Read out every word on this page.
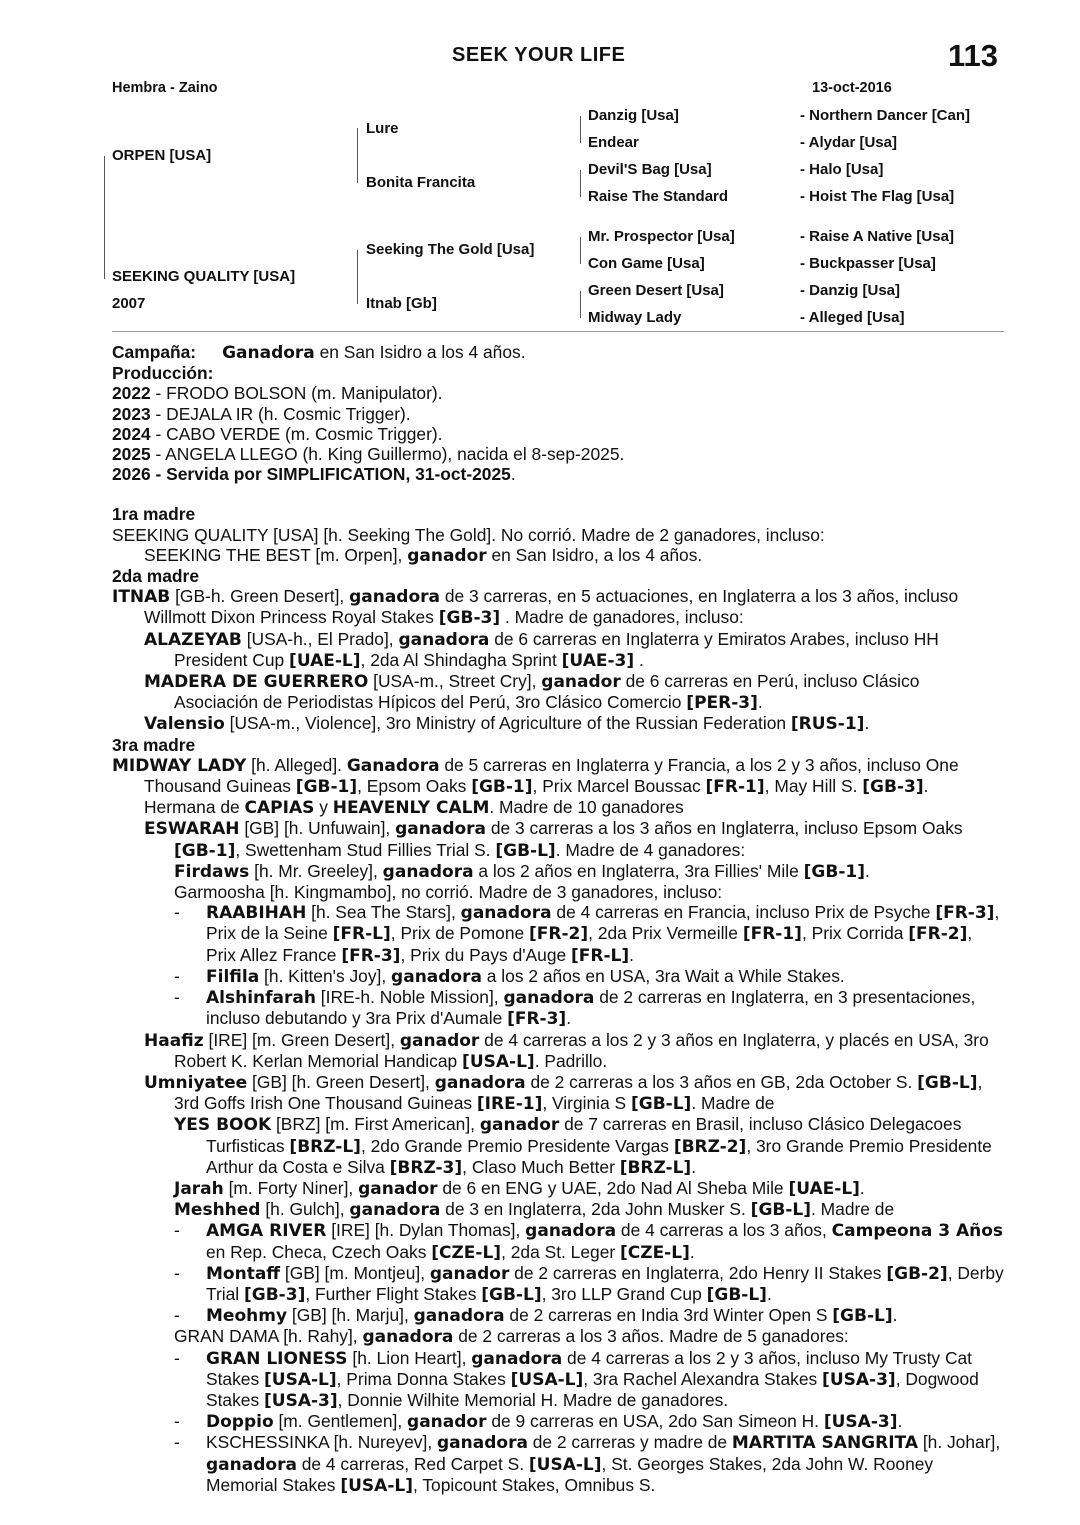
SEEK YOUR LIFE	113
Hembra - Zaino	13-oct-2016
ORPEN [USA]
SEEKING QUALITY [USA]
2007
Lure
Bonita Francita
Seeking The Gold [Usa]
Itnab [Gb]
Danzig [Usa]
Endear
Devil'S Bag [Usa]
Raise The Standard
Mr. Prospector [Usa]
Con Game [Usa]
Green Desert [Usa]
Midway Lady
- Northern Dancer [Can]
- Alydar [Usa]
- Halo [Usa]
- Hoist The Flag [Usa]
- Raise A Native [Usa]
- Buckpasser [Usa]
- Danzig [Usa]
- Alleged [Usa]

Campaña: Ganadora en San Isidro a los 4 años.

Producción:

2022 - FRODO BOLSON (m. Manipulator).

2023 - DEJALA IR (h. Cosmic Trigger).

2024 - CABO VERDE (m. Cosmic Trigger).

2025 - ANGELA LLEGO (h. King Guillermo), nacida el 8-sep-2025.

2026 - Servida por SIMPLIFICATION, 31-oct-2025.

1ra madre

SEEKING QUALITY [USA] [h. Seeking The Gold]. No corrió. Madre de 2 ganadores, incluso:

SEEKING THE BEST [m. Orpen], ganador en San Isidro, a los 4 años.

2da madre

ITNAB [GB-h. Green Desert], ganadora de 3 carreras, en 5 actuaciones, en Inglaterra a los 3 años, incluso Willmott Dixon Princess Royal Stakes [GB-3] . Madre de ganadores, incluso:

ALAZEYAB [USA-h., El Prado], ganadora de 6 carreras en Inglaterra y Emiratos Arabes, incluso HH President Cup [UAE-L], 2da Al Shindagha Sprint [UAE-3] .

MADERA DE GUERRERO [USA-m., Street Cry], ganador de 6 carreras en Perú, incluso Clásico Asociación de Periodistas Hípicos del Perú, 3ro Clásico Comercio [PER-3].

Valensio [USA-m., Violence], 3ro Ministry of Agriculture of the Russian Federation [RUS-1].

3ra madre

MIDWAY LADY [h. Alleged]. Ganadora de 5 carreras en Inglaterra y Francia, a los 2 y 3 años, incluso One Thousand Guineas [GB-1], Epsom Oaks [GB-1], Prix Marcel Boussac [FR-1], May Hill S. [GB-3]. Hermana de CAPIAS y HEAVENLY CALM. Madre de 10 ganadores

ESWARAH [GB] [h. Unfuwain], ganadora de 3 carreras a los 3 años en Inglaterra, incluso Epsom Oaks [GB-1], Swettenham Stud Fillies Trial S. [GB-L]. Madre de 4 ganadores:

Firdaws [h. Mr. Greeley], ganadora a los 2 años en Inglaterra, 3ra Fillies' Mile [GB-1].

Garmoosha [h. Kingmambo], no corrió. Madre de 3 ganadores, incluso:

- RAABIHAH [h. Sea The Stars], ganadora de 4 carreras en Francia, incluso Prix de Psyche [FR-3], Prix de la Seine [FR-L], Prix de Pomone [FR-2], 2da Prix Vermeille [FR-1], Prix Corrida [FR-2], Prix Allez France [FR-3], Prix du Pays d'Auge [FR-L].

- Filfila [h. Kitten's Joy], ganadora a los 2 años en USA, 3ra Wait a While Stakes.

- Alshinfarah [IRE-h. Noble Mission], ganadora de 2 carreras en Inglaterra, en 3 presentaciones, incluso debutando y 3ra Prix d'Aumale [FR-3].

Haafiz [IRE] [m. Green Desert], ganador de 4 carreras a los 2 y 3 años en Inglaterra, y placés en USA, 3ro Robert K. Kerlan Memorial Handicap [USA-L]. Padrillo.

Umniyatee [GB] [h. Green Desert], ganadora de 2 carreras a los 3 años en GB, 2da October S. [GB-L], 3rd Goffs Irish One Thousand Guineas [IRE-1], Virginia S [GB-L]. Madre de

YES BOOK [BRZ] [m. First American], ganador de 7 carreras en Brasil, incluso Clásico Delegacoes Turfisticas [BRZ-L], 2do Grande Premio Presidente Vargas [BRZ-2], 3ro Grande Premio Presidente Arthur da Costa e Silva [BRZ-3], Claso Much Better [BRZ-L].

Jarah [m. Forty Niner], ganador de 6 en ENG y UAE, 2do Nad Al Sheba Mile [UAE-L].

Meshhed [h. Gulch], ganadora de 3 en Inglaterra, 2da John Musker S. [GB-L]. Madre de

- AMGA RIVER [IRE] [h. Dylan Thomas], ganadora de 4 carreras a los 3 años, Campeona 3 Años en Rep. Checa, Czech Oaks [CZE-L], 2da St. Leger [CZE-L].

- Montaff [GB] [m. Montjeu], ganador de 2 carreras en Inglaterra, 2do Henry II Stakes [GB-2], Derby Trial [GB-3], Further Flight Stakes [GB-L], 3ro LLP Grand Cup [GB-L].

- Meohmy [GB] [h. Marju], ganadora de 2 carreras en India 3rd Winter Open S [GB-L].

GRAN DAMA [h. Rahy], ganadora de 2 carreras a los 3 años. Madre de 5 ganadores:

- GRAN LIONESS [h. Lion Heart], ganadora de 4 carreras a los 2 y 3 años, incluso My Trusty Cat Stakes [USA-L], Prima Donna Stakes [USA-L], 3ra Rachel Alexandra Stakes [USA-3], Dogwood Stakes [USA-3], Donnie Wilhite Memorial H. Madre de ganadores.

- Doppio [m. Gentlemen], ganador de 9 carreras en USA, 2do San Simeon H. [USA-3].

- KSCHESSINKA [h. Nureyev], ganadora de 2 carreras y madre de MARTITA SANGRITA [h. Johar], ganadora de 4 carreras, Red Carpet S. [USA-L], St. Georges Stakes, 2da John W. Rooney Memorial Stakes [USA-L], Topicount Stakes, Omnibus S.
